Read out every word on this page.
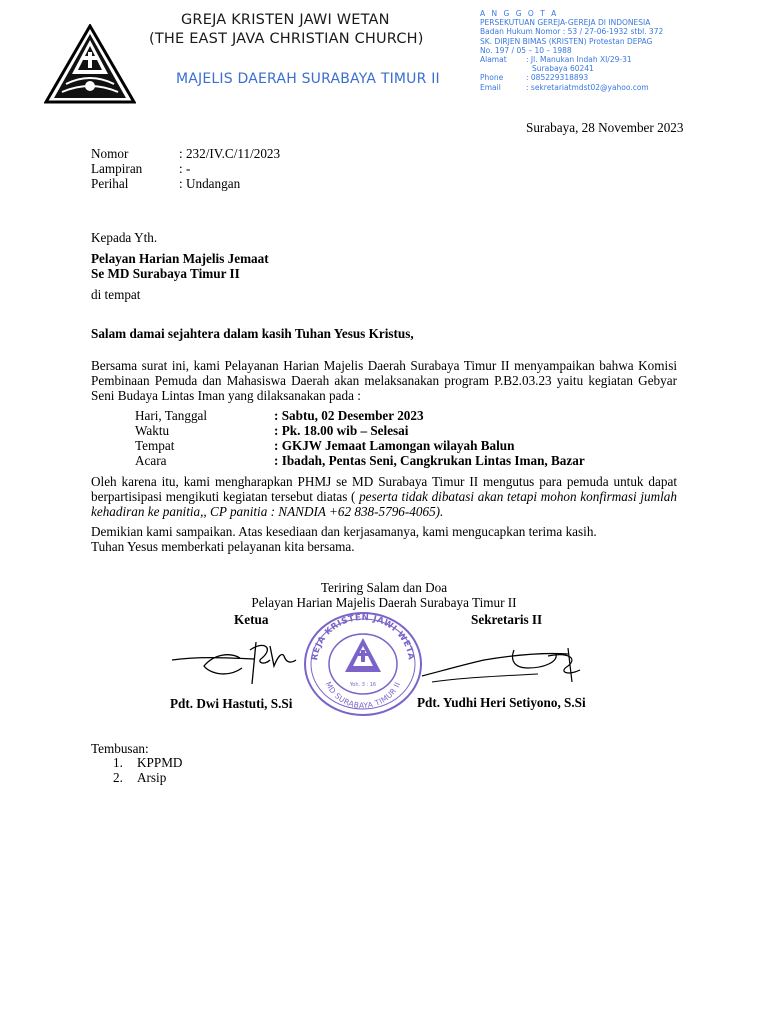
GREJA KRISTEN JAWI WETAN
(THE EAST JAVA CHRISTIAN CHURCH)
MAJELIS DAERAH SURABAYA TIMUR II
A N G G O T A
PERSEKUTUAN GEREJA-GEREJA DI INDONESIA
Badan Hukum Nomor : 53 / 27-06-1932 stbl. 372
SK. DIRJEN BIMAS (KRISTEN) Protestan DEPAG
No. 197 / 05 – 10 – 1988
Alamat	: Jl. Manukan Indah XI/29-31
Surabaya 60241
Phone	: 085229318893
Email	: sekretariatmdst02@yahoo.com
Surabaya, 28 November 2023
Nomor	: 232/IV.C/11/2023
Lampiran	: -
Perihal	: Undangan
Kepada Yth.
Pelayan Harian Majelis Jemaat
Se MD Surabaya Timur II
di tempat
Salam damai sejahtera dalam kasih Tuhan Yesus Kristus,
Bersama surat ini, kami Pelayanan Harian Majelis Daerah Surabaya Timur II menyampaikan bahwa Komisi Pembinaan Pemuda dan Mahasiswa Daerah akan melaksanakan program P.B2.03.23 yaitu kegiatan Gebyar Seni Budaya Lintas Iman yang dilaksanakan pada :
Hari, Tanggal	: Sabtu, 02 Desember 2023
Waktu	: Pk. 18.00 wib – Selesai
Tempat	: GKJW Jemaat Lamongan wilayah Balun
Acara	: Ibadah, Pentas Seni, Cangkrukan Lintas Iman, Bazar
Oleh karena itu, kami mengharapkan PHMJ se MD Surabaya Timur II mengutus para pemuda untuk dapat berpartisipasi mengikuti kegiatan tersebut diatas ( peserta tidak dibatasi akan tetapi mohon konfirmasi jumlah kehadiran ke panitia,, CP panitia : NANDIA +62 838-5796-4065).
Demikian kami sampaikan. Atas kesediaan dan kerjasamanya, kami mengucapkan terima kasih.
Tuhan Yesus memberkati pelayanan kita bersama.
Teriring Salam dan Doa
Pelayan Harian Majelis Daerah Surabaya Timur II
Ketua	Sekretaris II
REJA KRISTEN JAWI WETA
MD SURABAYA TIMUR II
Yoh. 3 : 16
Pdt. Dwi Hastuti, S.Si	Pdt. Yudhi Heri Setiyono, S.Si
Tembusan:
1. KPPMD
2. Arsip
